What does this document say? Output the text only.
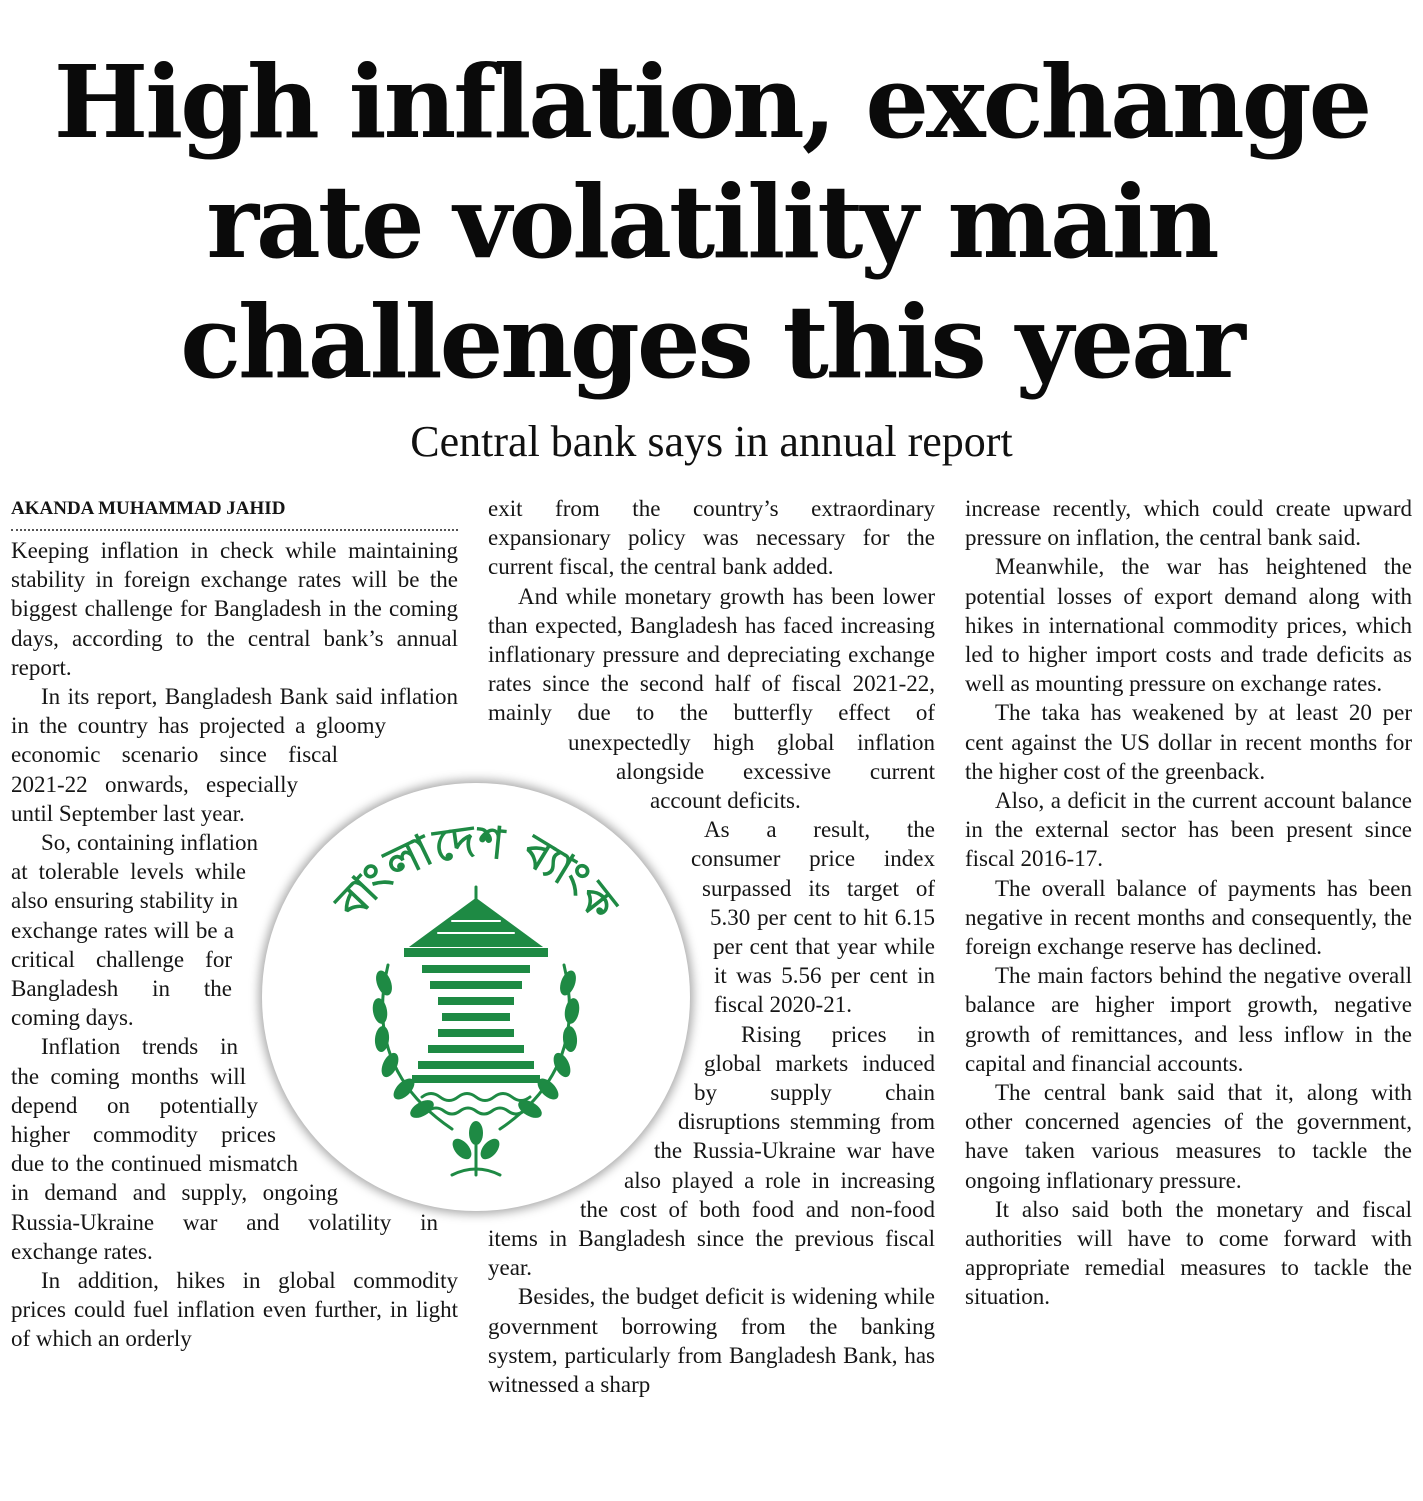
High inflation, exchange rate volatility main challenges this year
Central bank says in annual report
AKANDA MUHAMMAD JAHID

Keeping inflation in check while maintaining stability in foreign exchange rates will be the biggest challenge for Bangladesh in the coming days, according to the central bank’s annual report.

In its report, Bangladesh Bank said inflation in the country has projected a gloomy economic scenario since fiscal 2021-22 onwards, especially until September last year.

So, containing inflation at tolerable levels while also ensuring stability in exchange rates will be a critical challenge for Bangladesh in the coming days.

Inflation trends in the coming months will depend on potentially higher commodity prices due to the continued mismatch in demand and supply, ongoing Russia-Ukraine war and volatility in exchange rates.

In addition, hikes in global commodity prices could fuel inflation even further, in light of which an orderly

exit from the country’s extraordinary expansionary policy was necessary for the current fiscal, the central bank added.

And while monetary growth has been lower than expected, Bangladesh has faced increasing inflationary pressure and depreciating exchange rates since the second half of fiscal 2021-22, mainly due to the butterfly effect of unexpectedly high global inflation alongside excessive current account deficits.

As a result, the consumer price index surpassed its target of 5.30 per cent to hit 6.15 per cent that year while it was 5.56 per cent in fiscal 2020-21.

Rising prices in global markets induced by supply chain disruptions stemming from the Russia-Ukraine war have also played a role in increasing the cost of both food and non-food items in Bangladesh since the previous fiscal year.

Besides, the budget deficit is widening while government borrowing from the banking system, particularly from Bangladesh Bank, has witnessed a sharp

increase recently, which could create upward pressure on inflation, the central bank said.

Meanwhile, the war has heightened the potential losses of export demand along with hikes in international commodity prices, which led to higher import costs and trade deficits as well as mounting pressure on exchange rates.

The taka has weakened by at least 20 per cent against the US dollar in recent months for the higher cost of the greenback.

Also, a deficit in the current account balance in the external sector has been present since fiscal 2016-17.

The overall balance of payments has been negative in recent months and consequently, the foreign exchange reserve has declined.

The main factors behind the negative overall balance are higher import growth, negative growth of remittances, and less inflow in the capital and financial accounts.

The central bank said that it, along with other concerned agencies of the government, have taken various measures to tackle the ongoing inflationary pressure.

It also said both the monetary and fiscal authorities will have to come forward with appropriate remedial measures to tackle the situation.

বাংলাদেশ ব্যাংক
